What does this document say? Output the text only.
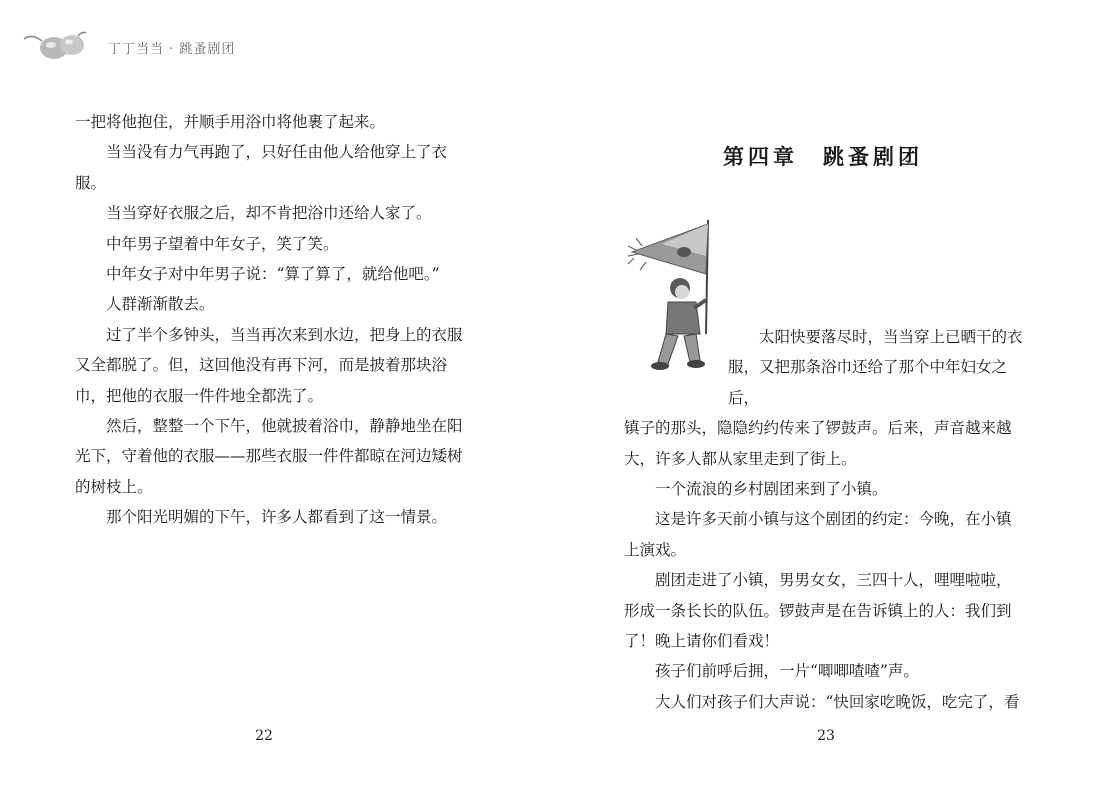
丁丁当当 · 跳蚤剧团

一把将他抱住，并顺手用浴巾将他裹了起来。

当当没有力气再跑了，只好任由他人给他穿上了衣服。

当当穿好衣服之后，却不肯把浴巾还给人家了。

中年男子望着中年女子，笑了笑。

中年女子对中年男子说：“算了算了，就给他吧。”

人群渐渐散去。

过了半个多钟头，当当再次来到水边，把身上的衣服又全都脱了。但，这回他没有再下河，而是披着那块浴巾，把他的衣服一件件地全都洗了。

然后，整整一个下午，他就披着浴巾，静静地坐在阳光下，守着他的衣服——那些衣服一件件都晾在河边矮树的树枝上。

那个阳光明媚的下午，许多人都看到了这一情景。

22
第四章　跳蚤剧团

太阳快要落尽时，当当穿上已晒干的衣

服，又把那条浴巾还给了那个中年妇女之后，

镇子的那头，隐隐约约传来了锣鼓声。后来，声音越来越大，许多人都从家里走到了街上。

一个流浪的乡村剧团来到了小镇。

这是许多天前小镇与这个剧团的约定：今晚，在小镇上演戏。

剧团走进了小镇，男男女女，三四十人，哩哩啦啦，形成一条长长的队伍。锣鼓声是在告诉镇上的人：我们到了！晚上请你们看戏！

孩子们前呼后拥，一片“唧唧喳喳”声。

大人们对孩子们大声说：“快回家吃晚饭，吃完了，看

23
